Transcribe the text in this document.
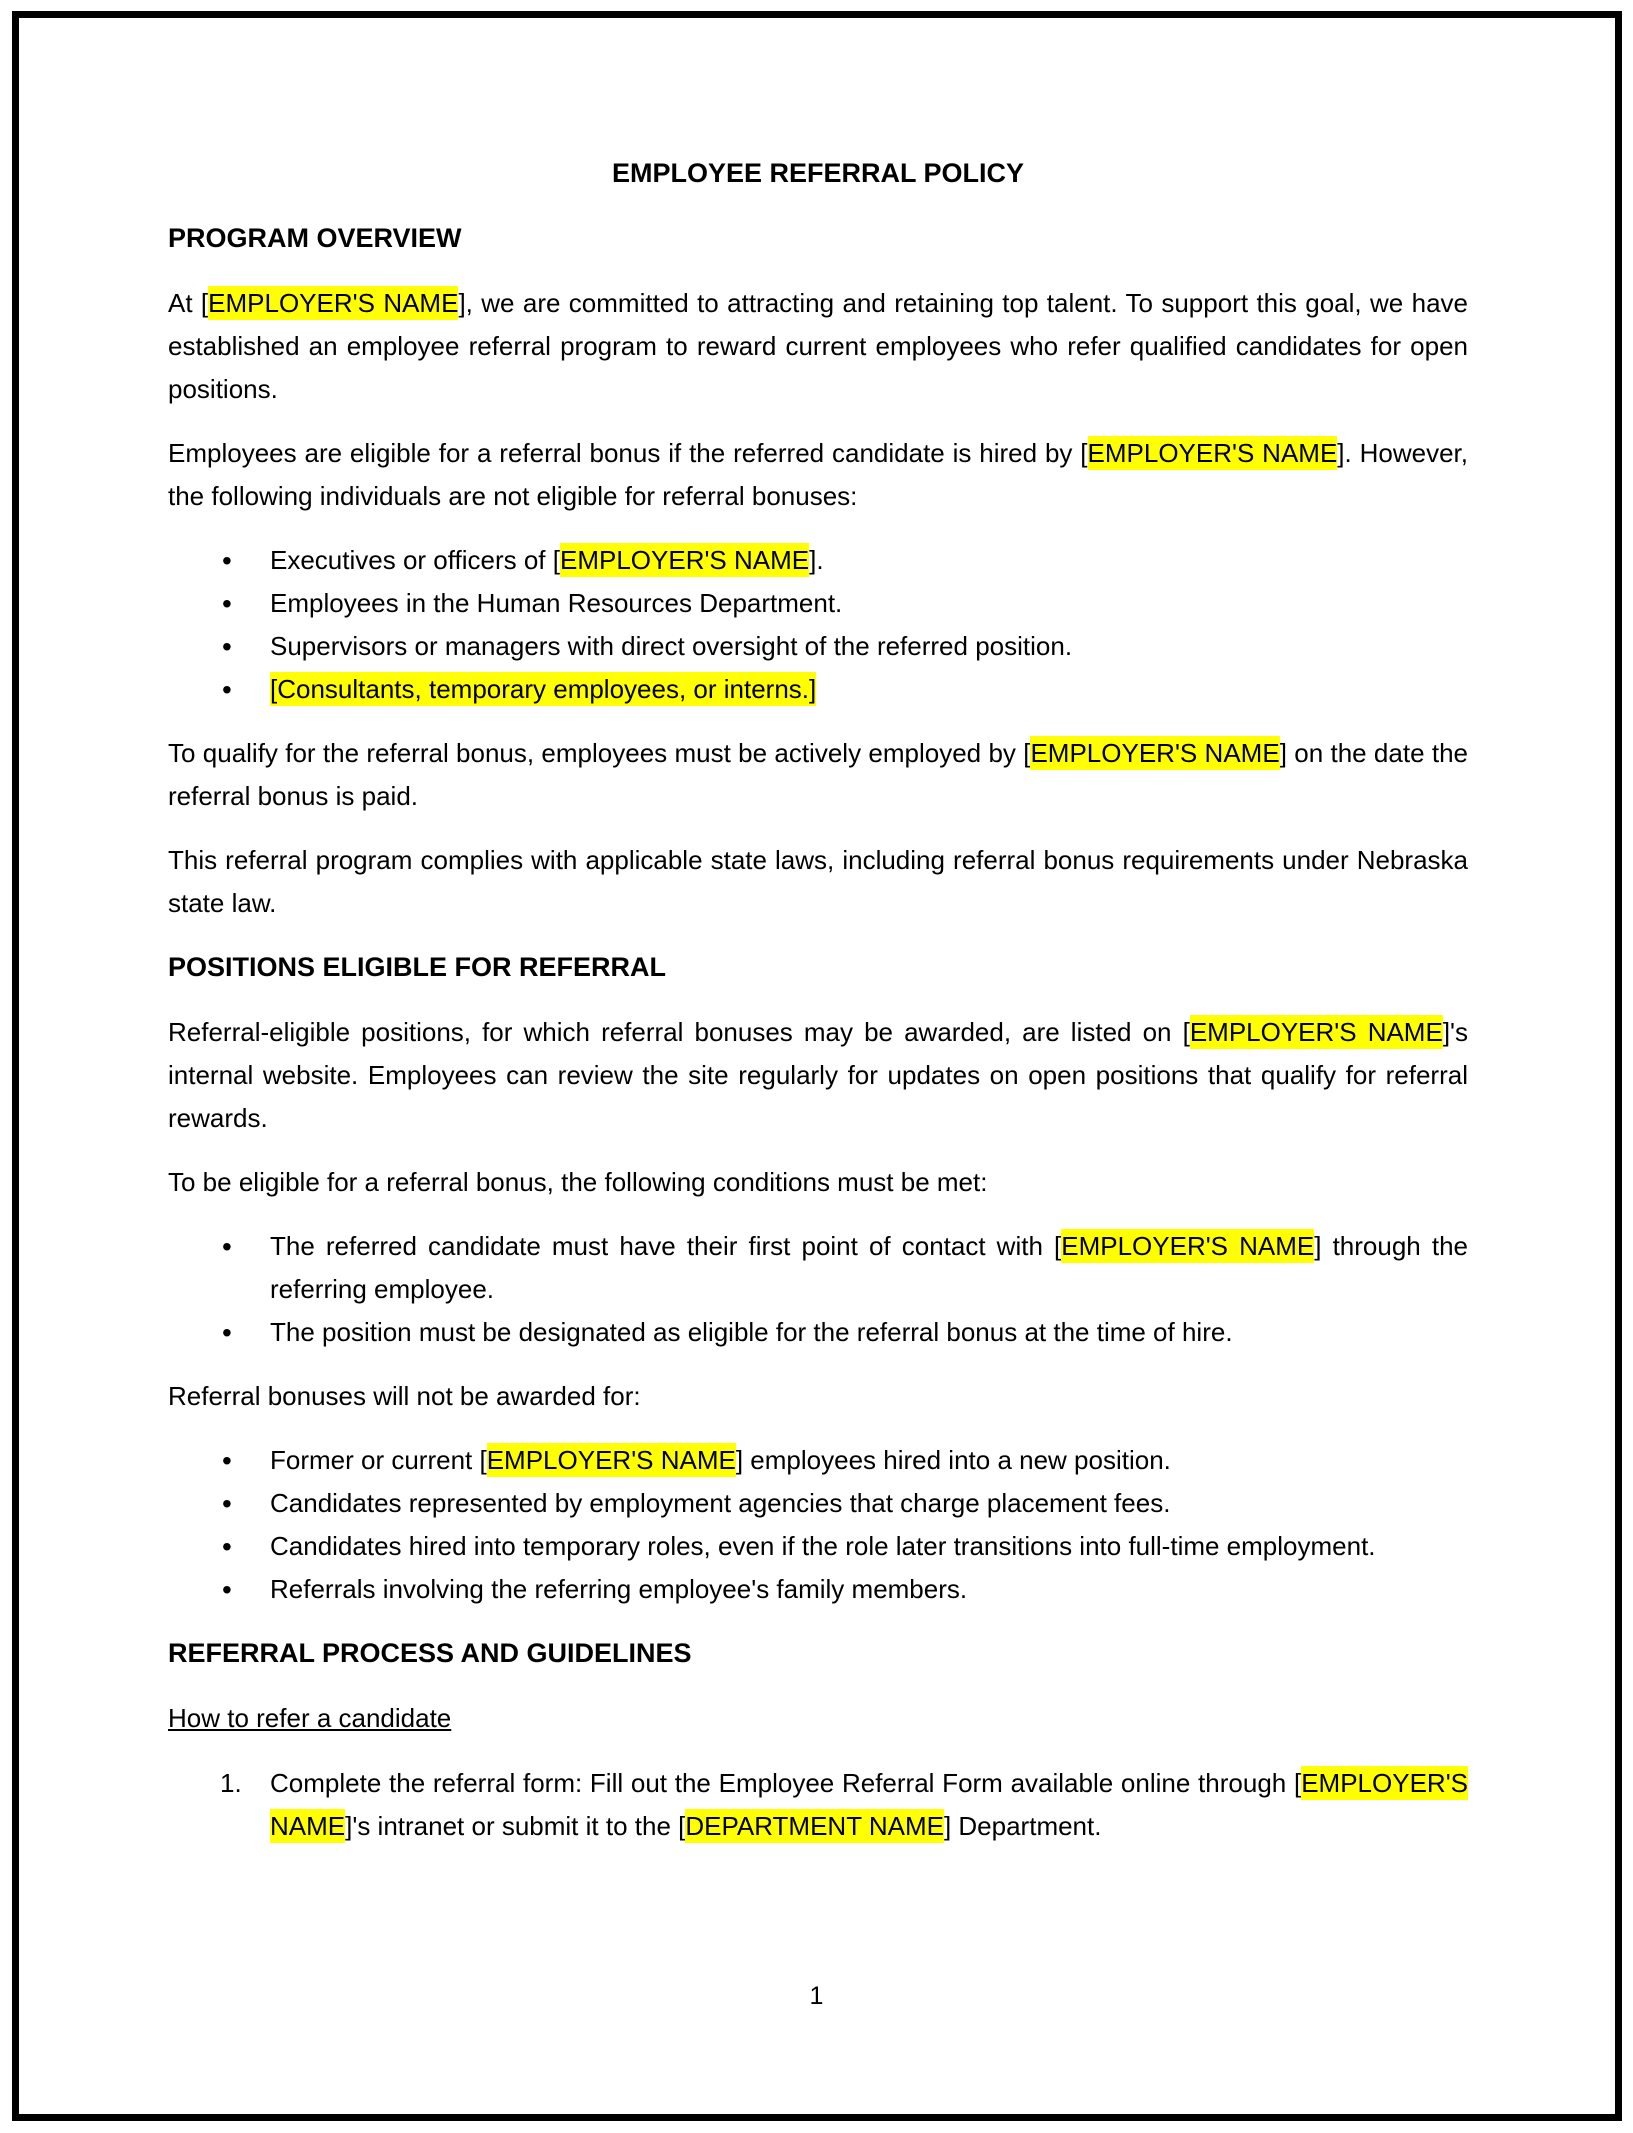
EMPLOYEE REFERRAL POLICY
PROGRAM OVERVIEW

At [EMPLOYER'S NAME], we are committed to attracting and retaining top talent. To support this goal, we have established an employee referral program to reward current employees who refer qualified candidates for open positions.

Employees are eligible for a referral bonus if the referred candidate is hired by [EMPLOYER'S NAME]. However, the following individuals are not eligible for referral bonuses:

• Executives or officers of [EMPLOYER'S NAME].
• Employees in the Human Resources Department.
• Supervisors or managers with direct oversight of the referred position.
• [Consultants, temporary employees, or interns.]

To qualify for the referral bonus, employees must be actively employed by [EMPLOYER'S NAME] on the date the referral bonus is paid.

This referral program complies with applicable state laws, including referral bonus requirements under Nebraska state law.

POSITIONS ELIGIBLE FOR REFERRAL

Referral-eligible positions, for which referral bonuses may be awarded, are listed on [EMPLOYER'S NAME]'s internal website. Employees can review the site regularly for updates on open positions that qualify for referral rewards.

To be eligible for a referral bonus, the following conditions must be met:

• The referred candidate must have their first point of contact with [EMPLOYER'S NAME] through the referring employee.
• The position must be designated as eligible for the referral bonus at the time of hire.

Referral bonuses will not be awarded for:

• Former or current [EMPLOYER'S NAME] employees hired into a new position.
• Candidates represented by employment agencies that charge placement fees.
• Candidates hired into temporary roles, even if the role later transitions into full-time employment.
• Referrals involving the referring employee's family members.
REFERRAL PROCESS AND GUIDELINES

How to refer a candidate

1. Complete the referral form: Fill out the Employee Referral Form available online through [EMPLOYER'S NAME]'s intranet or submit it to the [DEPARTMENT NAME] Department.
1
